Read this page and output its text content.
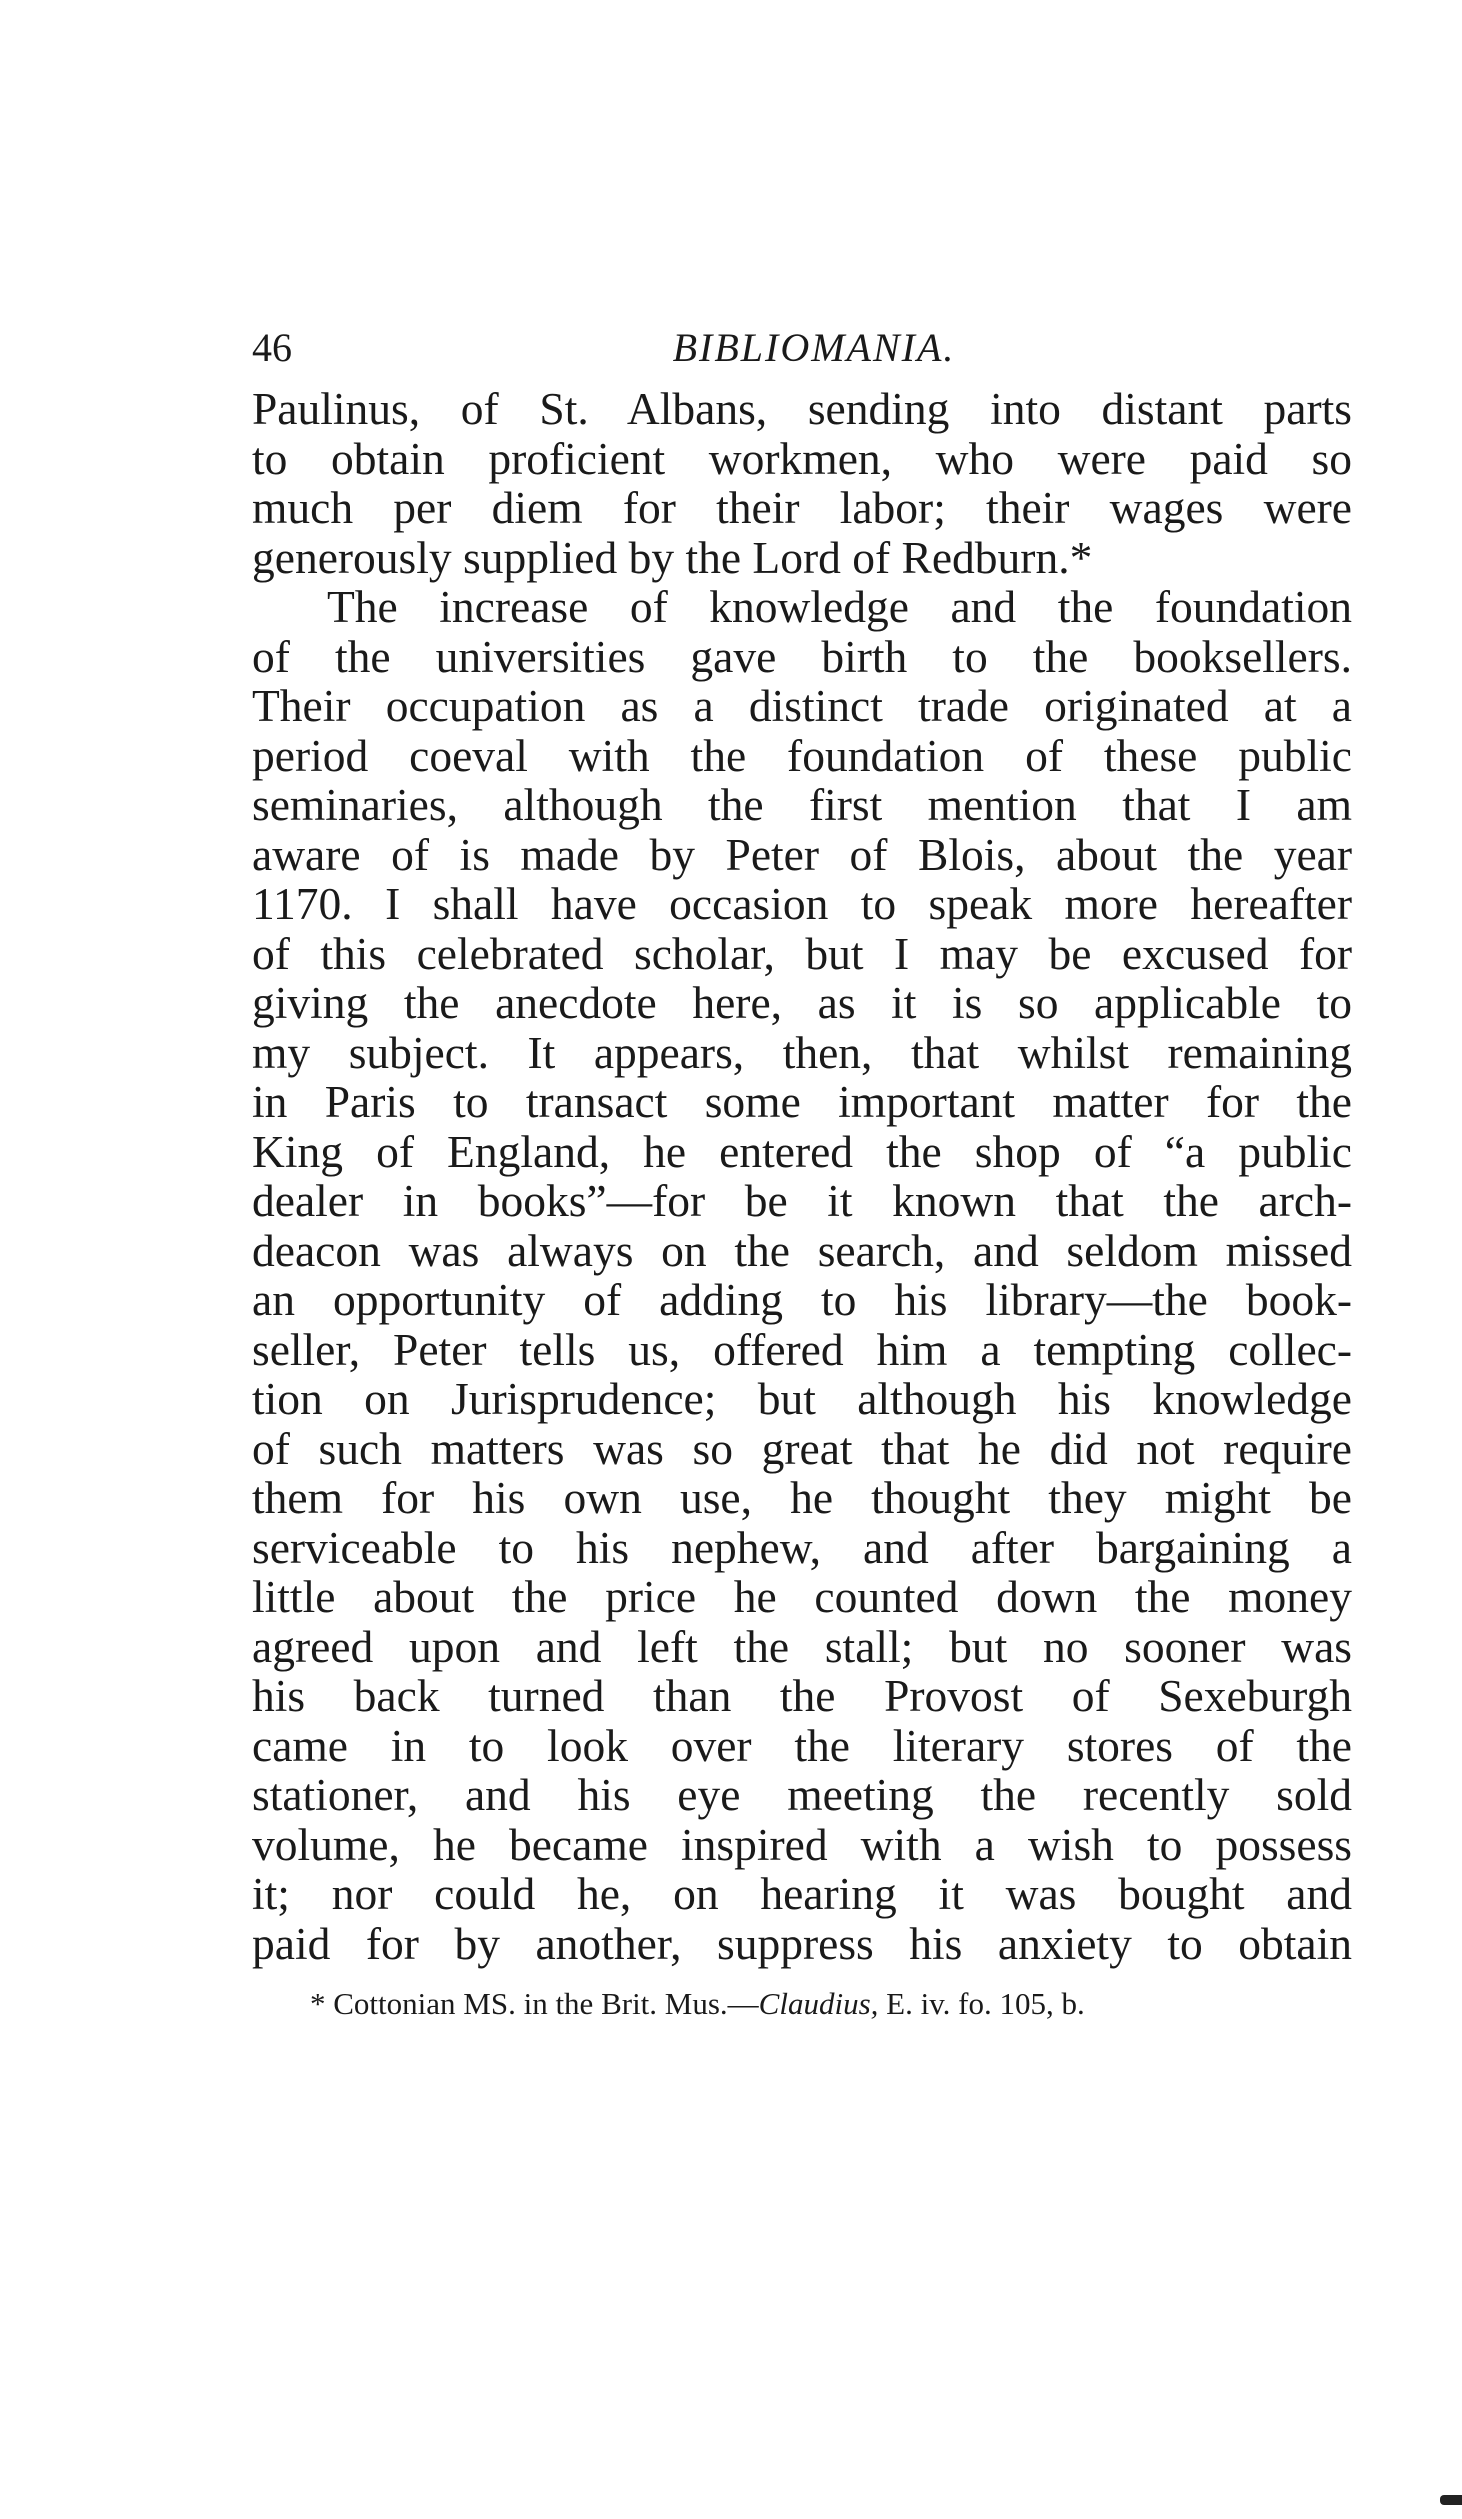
46	BIBLIOMANIA.
Paulinus, of St. Albans, sending into distant parts
to obtain proficient workmen, who were paid so
much per diem for their labor; their wages were
generously supplied by the Lord of Redburn.*
The increase of knowledge and the foundation
of the universities gave birth to the booksellers.
Their occupation as a distinct trade originated at a
period coeval with the foundation of these public
seminaries, although the first mention that I am
aware of is made by Peter of Blois, about the year
1170. I shall have occasion to speak more hereafter
of this celebrated scholar, but I may be excused for
giving the anecdote here, as it is so applicable to
my subject. It appears, then, that whilst remaining
in Paris to transact some important matter for the
King of England, he entered the shop of “a public
dealer in books”—for be it known that the arch-
deacon was always on the search, and seldom missed
an opportunity of adding to his library—the book-
seller, Peter tells us, offered him a tempting collec-
tion on Jurisprudence; but although his knowledge
of such matters was so great that he did not require
them for his own use, he thought they might be
serviceable to his nephew, and after bargaining a
little about the price he counted down the money
agreed upon and left the stall; but no sooner was
his back turned than the Provost of Sexeburgh
came in to look over the literary stores of the
stationer, and his eye meeting the recently sold
volume, he became inspired with a wish to possess
it; nor could he, on hearing it was bought and
paid for by another, suppress his anxiety to obtain
* Cottonian MS. in the Brit. Mus.—Claudius, E. iv. fo. 105, b.
